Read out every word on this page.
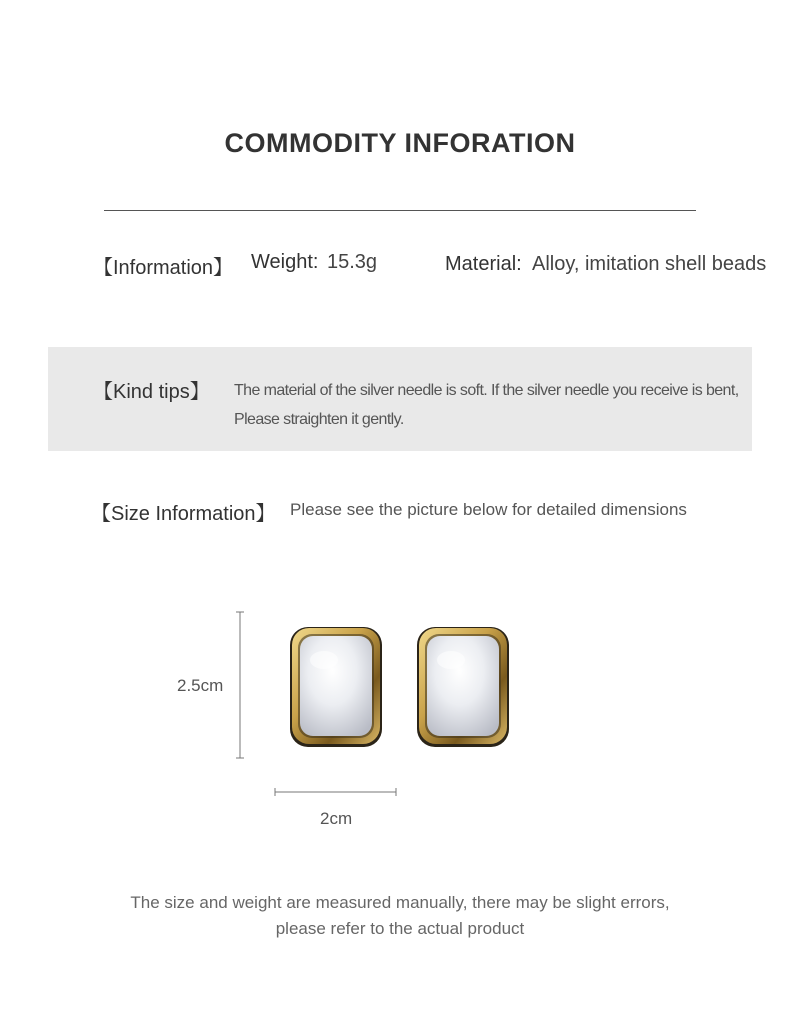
COMMODITY INFORATION
【Information】 Weight: 15.3g	Material: Alloy, imitation shell beads
【Kind tips】 The material of the silver needle is soft. If the silver needle you receive is bent,
Please straighten it gently.
【Size Information】 Please see the picture below for detailed dimensions
2.5cm
2cm
The size and weight are measured manually, there may be slight errors,
please refer to the actual product
